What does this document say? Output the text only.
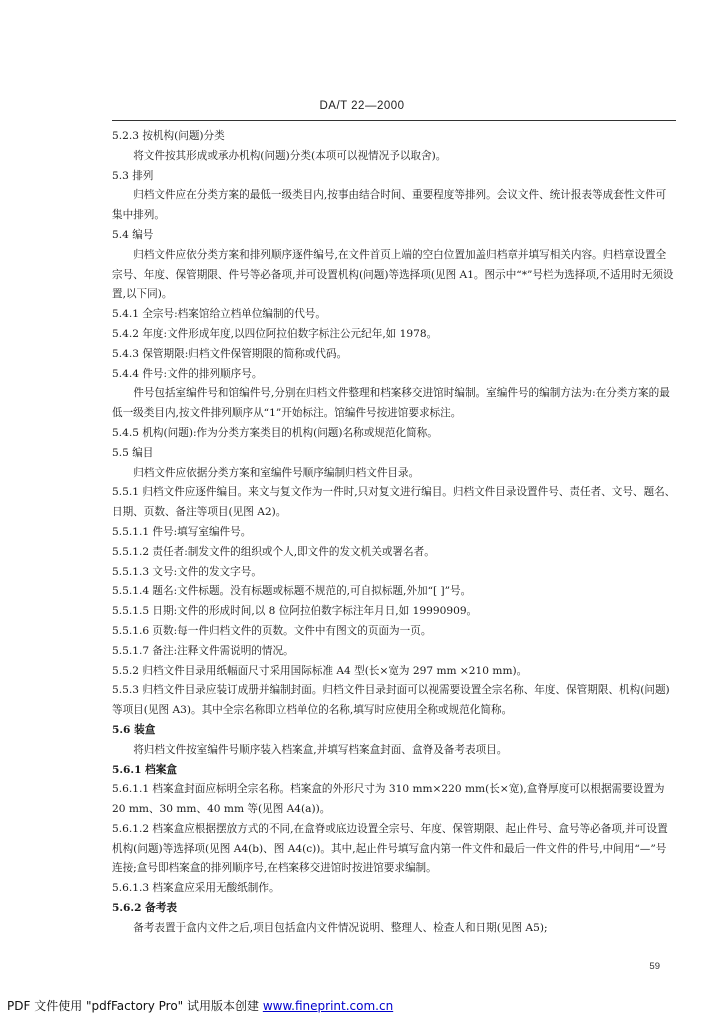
DA/T 22—2000

5.2.3 按机构(问题)分类

将文件按其形成或承办机构(问题)分类(本项可以视情况予以取舍)。

5.3 排列

归档文件应在分类方案的最低一级类目内,按事由结合时间、重要程度等排列。会议文件、统计报表等成套性文件可集中排列。

5.4 编号

归档文件应依分类方案和排列顺序逐件编号,在文件首页上端的空白位置加盖归档章并填写相关内容。归档章设置全宗号、年度、保管期限、件号等必备项,并可设置机构(问题)等选择项(见图 A1。图示中“*”号栏为选择项,不适用时无须设置,以下同)。

5.4.1 全宗号:档案馆给立档单位编制的代号。

5.4.2 年度:文件形成年度,以四位阿拉伯数字标注公元纪年,如 1978。

5.4.3 保管期限:归档文件保管期限的简称或代码。

5.4.4 件号:文件的排列顺序号。

件号包括室编件号和馆编件号,分别在归档文件整理和档案移交进馆时编制。室编件号的编制方法为:在分类方案的最低一级类目内,按文件排列顺序从“1”开始标注。馆编件号按进馆要求标注。

5.4.5 机构(问题):作为分类方案类目的机构(问题)名称或规范化简称。

5.5 编目

归档文件应依据分类方案和室编件号顺序编制归档文件目录。

5.5.1 归档文件应逐件编目。来文与复文作为一件时,只对复文进行编目。归档文件目录设置件号、责任者、文号、题名、日期、页数、备注等项目(见图 A2)。

5.5.1.1 件号:填写室编件号。

5.5.1.2 责任者:制发文件的组织或个人,即文件的发文机关或署名者。

5.5.1.3 文号:文件的发文字号。

5.5.1.4 题名:文件标题。没有标题或标题不规范的,可自拟标题,外加“[ ]”号。

5.5.1.5 日期:文件的形成时间,以 8 位阿拉伯数字标注年月日,如 19990909。

5.5.1.6 页数:每一件归档文件的页数。文件中有图文的页面为一页。

5.5.1.7 备注:注释文件需说明的情况。

5.5.2 归档文件目录用纸幅面尺寸采用国际标准 A4 型(长×宽为 297 mm ×210 mm)。

5.5.3 归档文件目录应装订成册并编制封面。归档文件目录封面可以视需要设置全宗名称、年度、保管期限、机构(问题)等项目(见图 A3)。其中全宗名称即立档单位的名称,填写时应使用全称或规范化简称。

5.6 装盒

将归档文件按室编件号顺序装入档案盒,并填写档案盒封面、盒脊及备考表项目。

5.6.1 档案盒

5.6.1.1 档案盒封面应标明全宗名称。档案盒的外形尺寸为 310 mm×220 mm(长×宽),盒脊厚度可以根据需要设置为 20 mm、30 mm、40 mm 等(见图 A4(a))。

5.6.1.2 档案盒应根据摆放方式的不同,在盒脊或底边设置全宗号、年度、保管期限、起止件号、盒号等必备项,并可设置机构(问题)等选择项(见图 A4(b)、图 A4(c))。其中,起止件号填写盒内第一件文件和最后一件文件的件号,中间用“—”号连接;盒号即档案盒的排列顺序号,在档案移交进馆时按进馆要求编制。

5.6.1.3 档案盒应采用无酸纸制作。

5.6.2 备考表

备考表置于盒内文件之后,项目包括盒内文件情况说明、整理人、检查人和日期(见图 A5);

59
PDF 文件使用 "pdfFactory Pro" 试用版本创建 www.fineprint.com.cn
